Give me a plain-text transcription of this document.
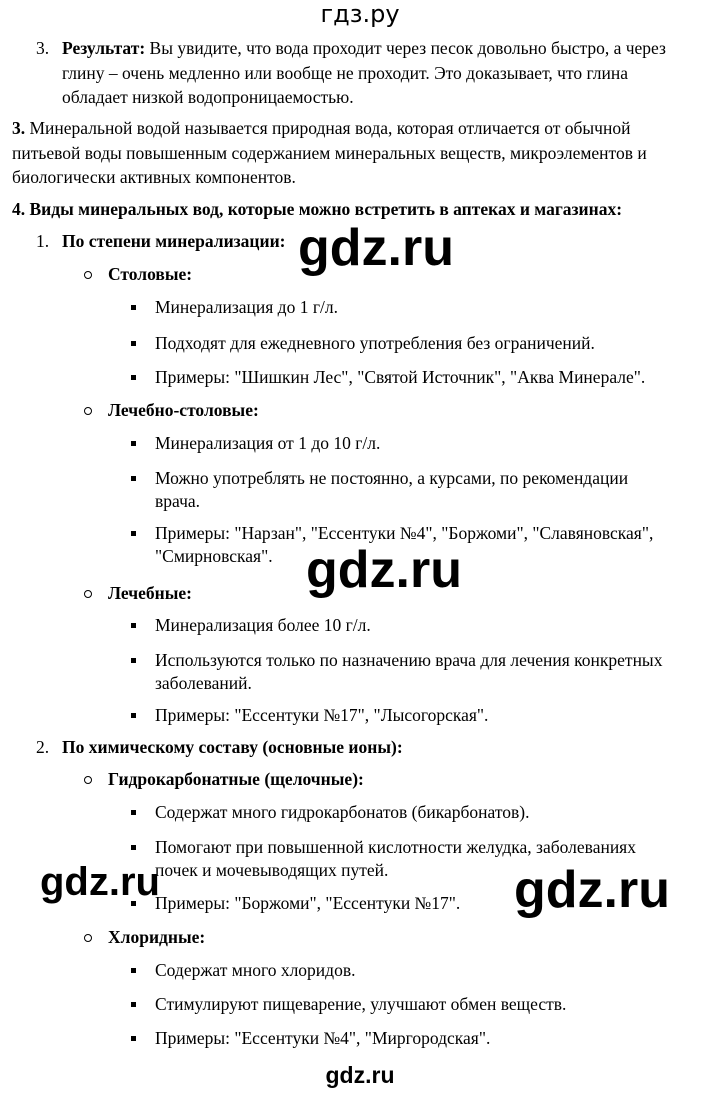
гдз.ру
3. Результат: Вы увидите, что вода проходит через песок довольно быстро, а через
глину – очень медленно или вообще не проходит. Это доказывает, что глина
обладает низкой водопроницаемостью.
3. Минеральной водой называется природная вода, которая отличается от обычной
питьевой воды повышенным содержанием минеральных веществ, микроэлементов и
биологически активных компонентов.
4. Виды минеральных вод, которые можно встретить в аптеках и магазинах:
1. По степени минерализации:
Столовые:
Минерализация до 1 г/л.
Подходят для ежедневного употребления без ограничений.
Примеры: "Шишкин Лес", "Святой Источник", "Аква Минерале".
Лечебно-столовые:
Минерализация от 1 до 10 г/л.
Можно употреблять не постоянно, а курсами, по рекомендации
врача.
Примеры: "Нарзан", "Ессентуки №4", "Боржоми", "Славяновская",
"Смирновская".
Лечебные:
Минерализация более 10 г/л.
Используются только по назначению врача для лечения конкретных
заболеваний.
Примеры: "Ессентуки №17", "Лысогорская".
2. По химическому составу (основные ионы):
Гидрокарбонатные (щелочные):
Содержат много гидрокарбонатов (бикарбонатов).
Помогают при повышенной кислотности желудка, заболеваниях
почек и мочевыводящих путей.
Примеры: "Боржоми", "Ессентуки №17".
Хлоридные:
Содержат много хлоридов.
Стимулируют пищеварение, улучшают обмен веществ.
Примеры: "Ессентуки №4", "Миргородская".
gdz.ru
gdz.ru
gdz.ru	gdz.ru
gdz.ru
